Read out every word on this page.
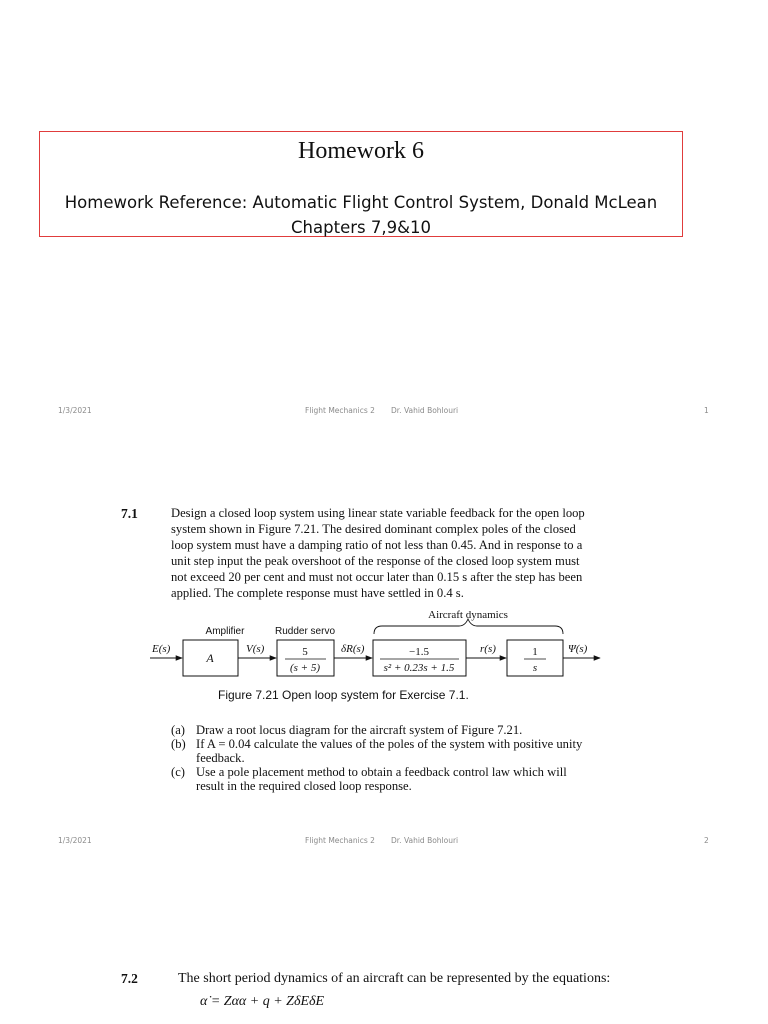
Homework 6
Homework Reference: Automatic Flight Control System, Donald McLean
Chapters 7,9&10
1/3/2021	Flight Mechanics 2 Dr. Vahid Bohlouri	1
7.1	Design a closed loop system using linear state variable feedback for the open loop
system shown in Figure 7.21. The desired dominant complex poles of the closed
loop system must have a damping ratio of not less than 0.45. And in response to a
unit step input the peak overshoot of the response of the closed loop system must
not exceed 20 per cent and must not occur later than 0.15 s after the step has been
applied. The complete response must have settled in 0.4 s.
Aircraft dynamics
Amplifier	Rudder servo
E(s)	V(s)	δR(s)	r(s)	Ψ(s)
A	5
(s + 5)
−1.5
s² + 0.23s + 1.5
1
s
Figure 7.21 Open loop system for Exercise 7.1.
(a) Draw a root locus diagram for the aircraft system of Figure 7.21.
(b) If A = 0.04 calculate the values of the poles of the system with positive unity
feedback.
(c) Use a pole placement method to obtain a feedback control law which will
result in the required closed loop response.
1/3/2021	Flight Mechanics 2 Dr. Vahid Bohlouri	2
7.2	The short period dynamics of an aircraft can be represented by the equations:
α̇ = Zαα + q + ZδEδE
